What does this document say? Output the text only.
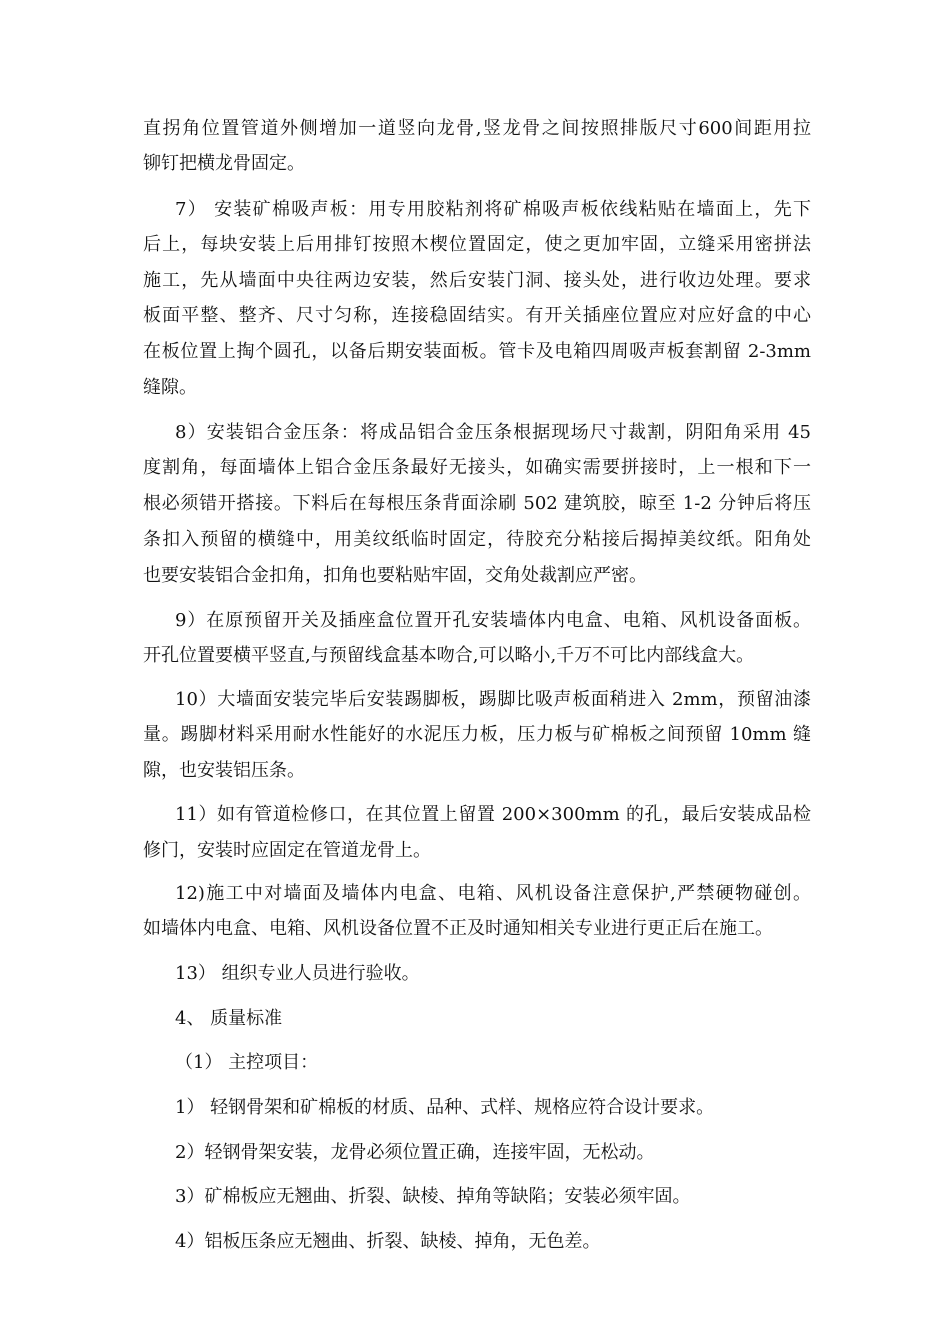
直拐角位置管道外侧增加一道竖向龙骨,竖龙骨之间按照排版尺寸600间距用拉
铆钉把横龙骨固定。
7） 安装矿棉吸声板：用专用胶粘剂将矿棉吸声板依线粘贴在墙面上，先下
后上，每块安装上后用排钉按照木楔位置固定，使之更加牢固，立缝采用密拼法
施工，先从墙面中央往两边安装，然后安装门洞、接头处，进行收边处理。要求
板面平整、整齐、尺寸匀称，连接稳固结实。有开关插座位置应对应好盒的中心
在板位置上掏个圆孔，以备后期安装面板。管卡及电箱四周吸声板套割留 2-3mm
缝隙。
8）安装铝合金压条：将成品铝合金压条根据现场尺寸裁割，阴阳角采用 45
度割角，每面墙体上铝合金压条最好无接头，如确实需要拼接时，上一根和下一
根必须错开搭接。下料后在每根压条背面涂刷 502 建筑胶，晾至 1-2 分钟后将压
条扣入预留的横缝中，用美纹纸临时固定，待胶充分粘接后揭掉美纹纸。阳角处
也要安装铝合金扣角，扣角也要粘贴牢固，交角处裁割应严密。
9）在原预留开关及插座盒位置开孔安装墙体内电盒、电箱、风机设备面板。
开孔位置要横平竖直,与预留线盒基本吻合,可以略小,千万不可比内部线盒大。
10）大墙面安装完毕后安装踢脚板，踢脚比吸声板面稍进入 2mm，预留油漆
量。踢脚材料采用耐水性能好的水泥压力板，压力板与矿棉板之间预留 10mm 缝
隙，也安装铝压条。
11）如有管道检修口，在其位置上留置 200×300mm 的孔，最后安装成品检
修门，安装时应固定在管道龙骨上。
12)施工中对墙面及墙体内电盒、电箱、风机设备注意保护,严禁硬物碰创。
如墙体内电盒、电箱、风机设备位置不正及时通知相关专业进行更正后在施工。
13） 组织专业人员进行验收。
4、 质量标准
（1） 主控项目：
1） 轻钢骨架和矿棉板的材质、品种、式样、规格应符合设计要求。
2）轻钢骨架安装，龙骨必须位置正确，连接牢固，无松动。
3）矿棉板应无翘曲、折裂、缺棱、掉角等缺陷；安装必须牢固。
4）铝板压条应无翘曲、折裂、缺棱、掉角，无色差。
